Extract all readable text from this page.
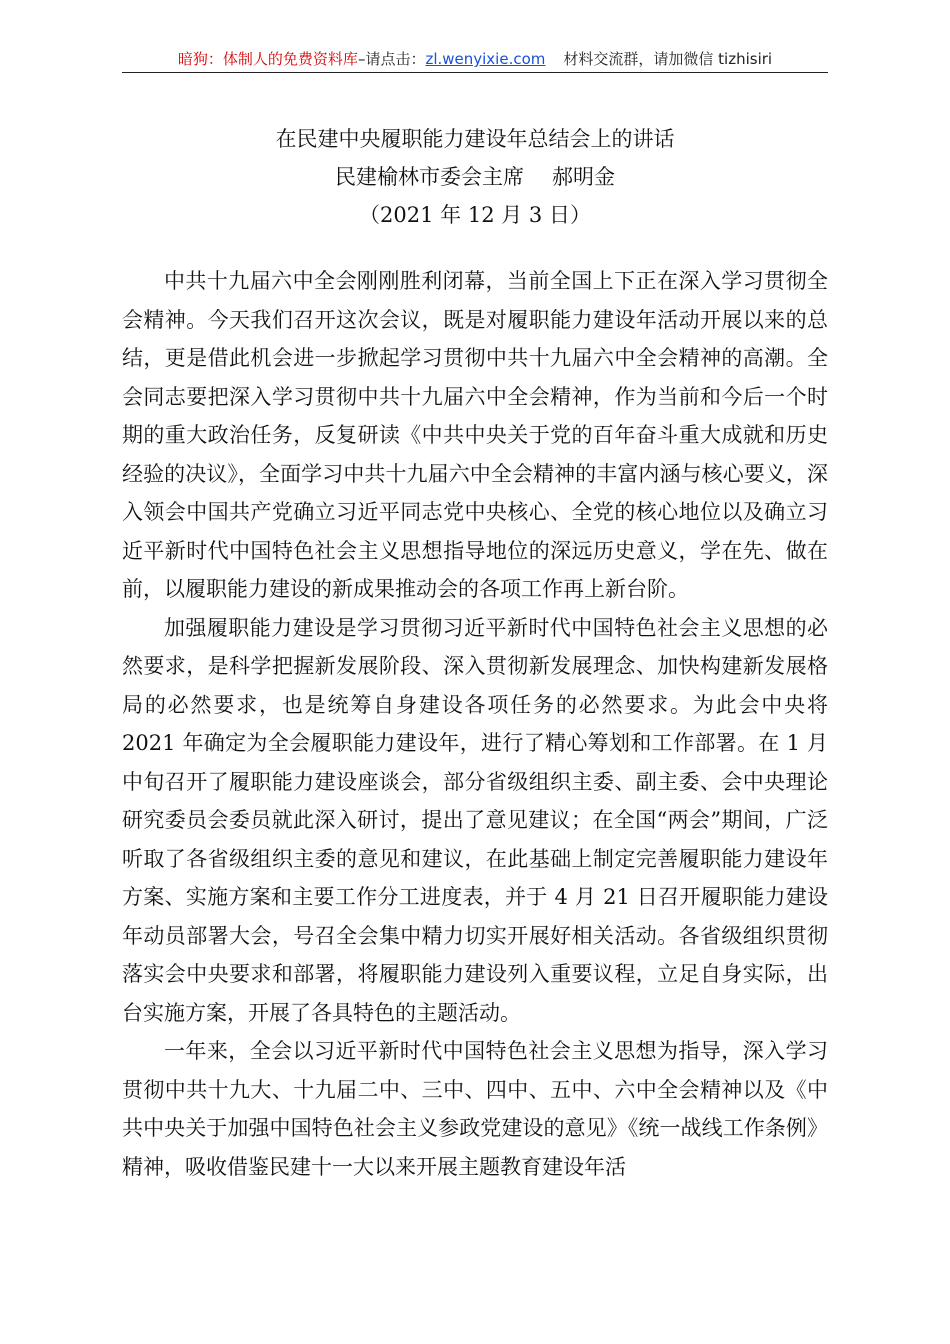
暗狗：体制人的免费资料库–请点击：zl.wenyixie.com 材料交流群，请加微信 tizhisiri
在民建中央履职能力建设年总结会上的讲话
民建榆林市委会主席 郝明金
（2021 年 12 月 3 日）

中共十九届六中全会刚刚胜利闭幕，当前全国上下正在深入学习贯彻全会精神。今天我们召开这次会议，既是对履职能力建设年活动开展以来的总结，更是借此机会进一步掀起学习贯彻中共十九届六中全会精神的高潮。全会同志要把深入学习贯彻中共十九届六中全会精神，作为当前和今后一个时期的重大政治任务，反复研读《中共中央关于党的百年奋斗重大成就和历史经验的决议》，全面学习中共十九届六中全会精神的丰富内涵与核心要义，深入领会中国共产党确立习近平同志党中央核心、全党的核心地位以及确立习近平新时代中国特色社会主义思想指导地位的深远历史意义，学在先、做在前，以履职能力建设的新成果推动会的各项工作再上新台阶。

加强履职能力建设是学习贯彻习近平新时代中国特色社会主义思想的必然要求，是科学把握新发展阶段、深入贯彻新发展理念、加快构建新发展格局的必然要求，也是统筹自身建设各项任务的必然要求。为此会中央将 2021 年确定为全会履职能力建设年，进行了精心筹划和工作部署。在 1 月中旬召开了履职能力建设座谈会，部分省级组织主委、副主委、会中央理论研究委员会委员就此深入研讨，提出了意见建议；在全国“两会”期间，广泛听取了各省级组织主委的意见和建议，在此基础上制定完善履职能力建设年方案、实施方案和主要工作分工进度表，并于 4 月 21 日召开履职能力建设年动员部署大会，号召全会集中精力切实开展好相关活动。各省级组织贯彻落实会中央要求和部署，将履职能力建设列入重要议程，立足自身实际，出台实施方案，开展了各具特色的主题活动。

一年来，全会以习近平新时代中国特色社会主义思想为指导，深入学习贯彻中共十九大、十九届二中、三中、四中、五中、六中全会精神以及《中共中央关于加强中国特色社会主义参政党建设的意见》《统一战线工作条例》精神，吸收借鉴民建十一大以来开展主题教育建设年活
